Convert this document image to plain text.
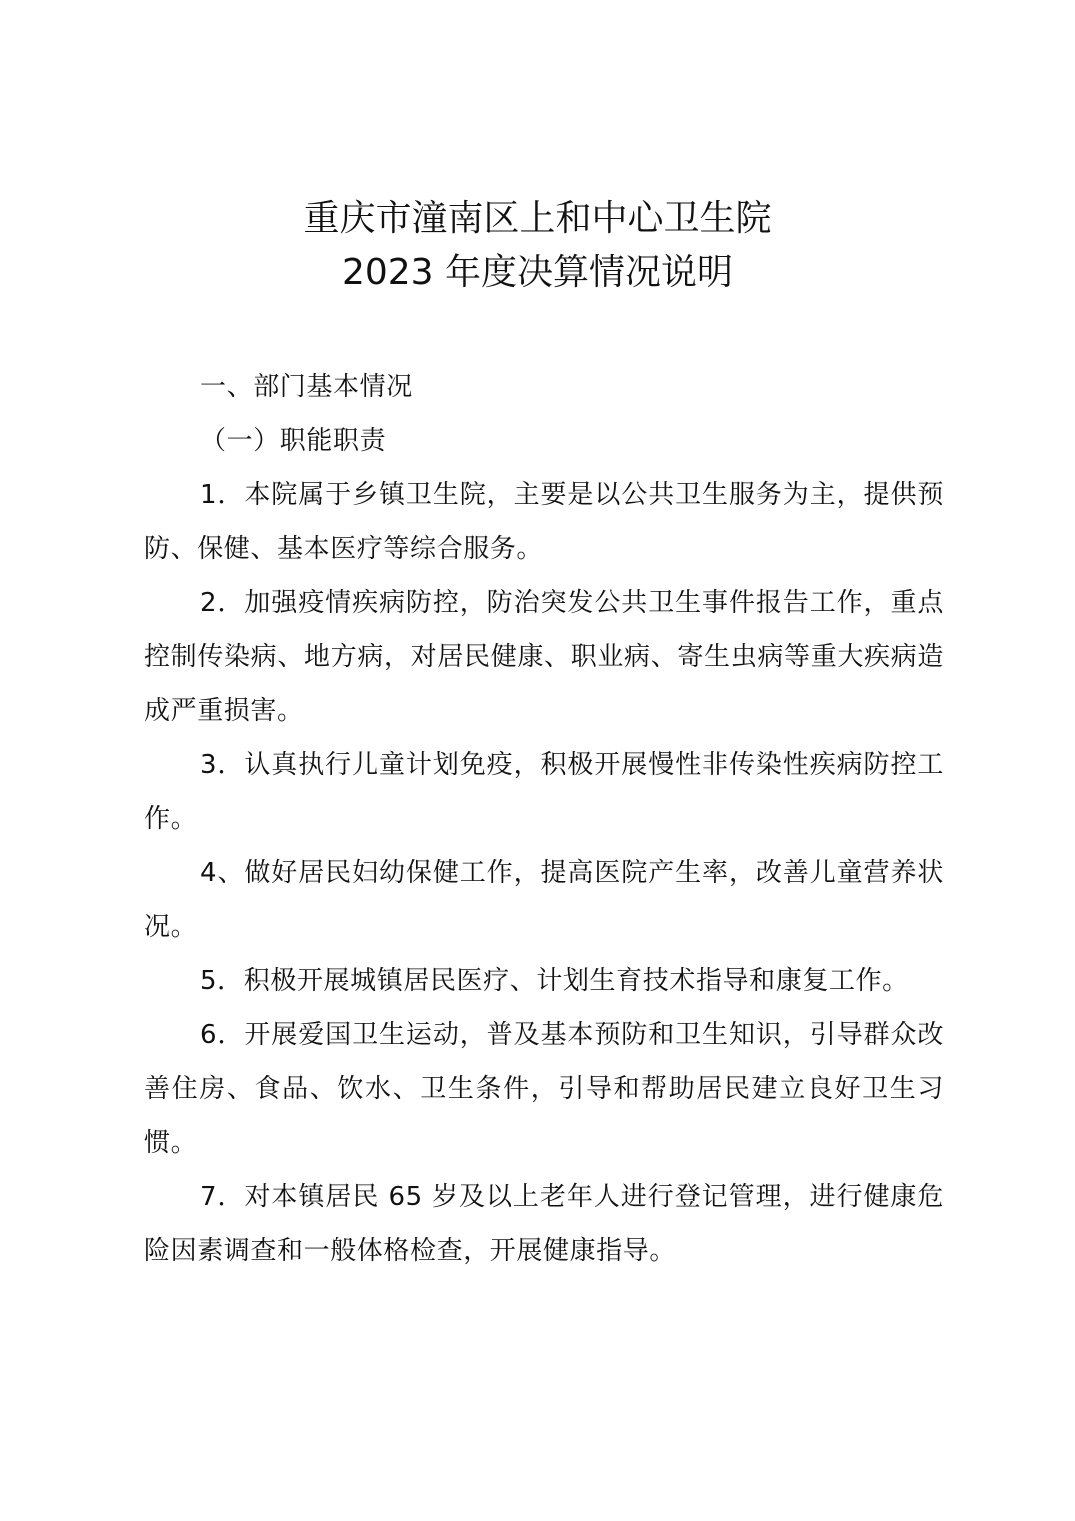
重庆市潼南区上和中心卫生院
2023 年度决算情况说明

一、部门基本情况

（一）职能职责

1．本院属于乡镇卫生院，主要是以公共卫生服务为主，提供预防、保健、基本医疗等综合服务。

2．加强疫情疾病防控，防治突发公共卫生事件报告工作，重点控制传染病、地方病，对居民健康、职业病、寄生虫病等重大疾病造成严重损害。

3．认真执行儿童计划免疫，积极开展慢性非传染性疾病防控工作。

4、做好居民妇幼保健工作，提高医院产生率，改善儿童营养状况。

5．积极开展城镇居民医疗、计划生育技术指导和康复工作。

6．开展爱国卫生运动，普及基本预防和卫生知识，引导群众改善住房、食品、饮水、卫生条件，引导和帮助居民建立良好卫生习惯。

7．对本镇居民 65 岁及以上老年人进行登记管理，进行健康危险因素调查和一般体格检查，开展健康指导。
